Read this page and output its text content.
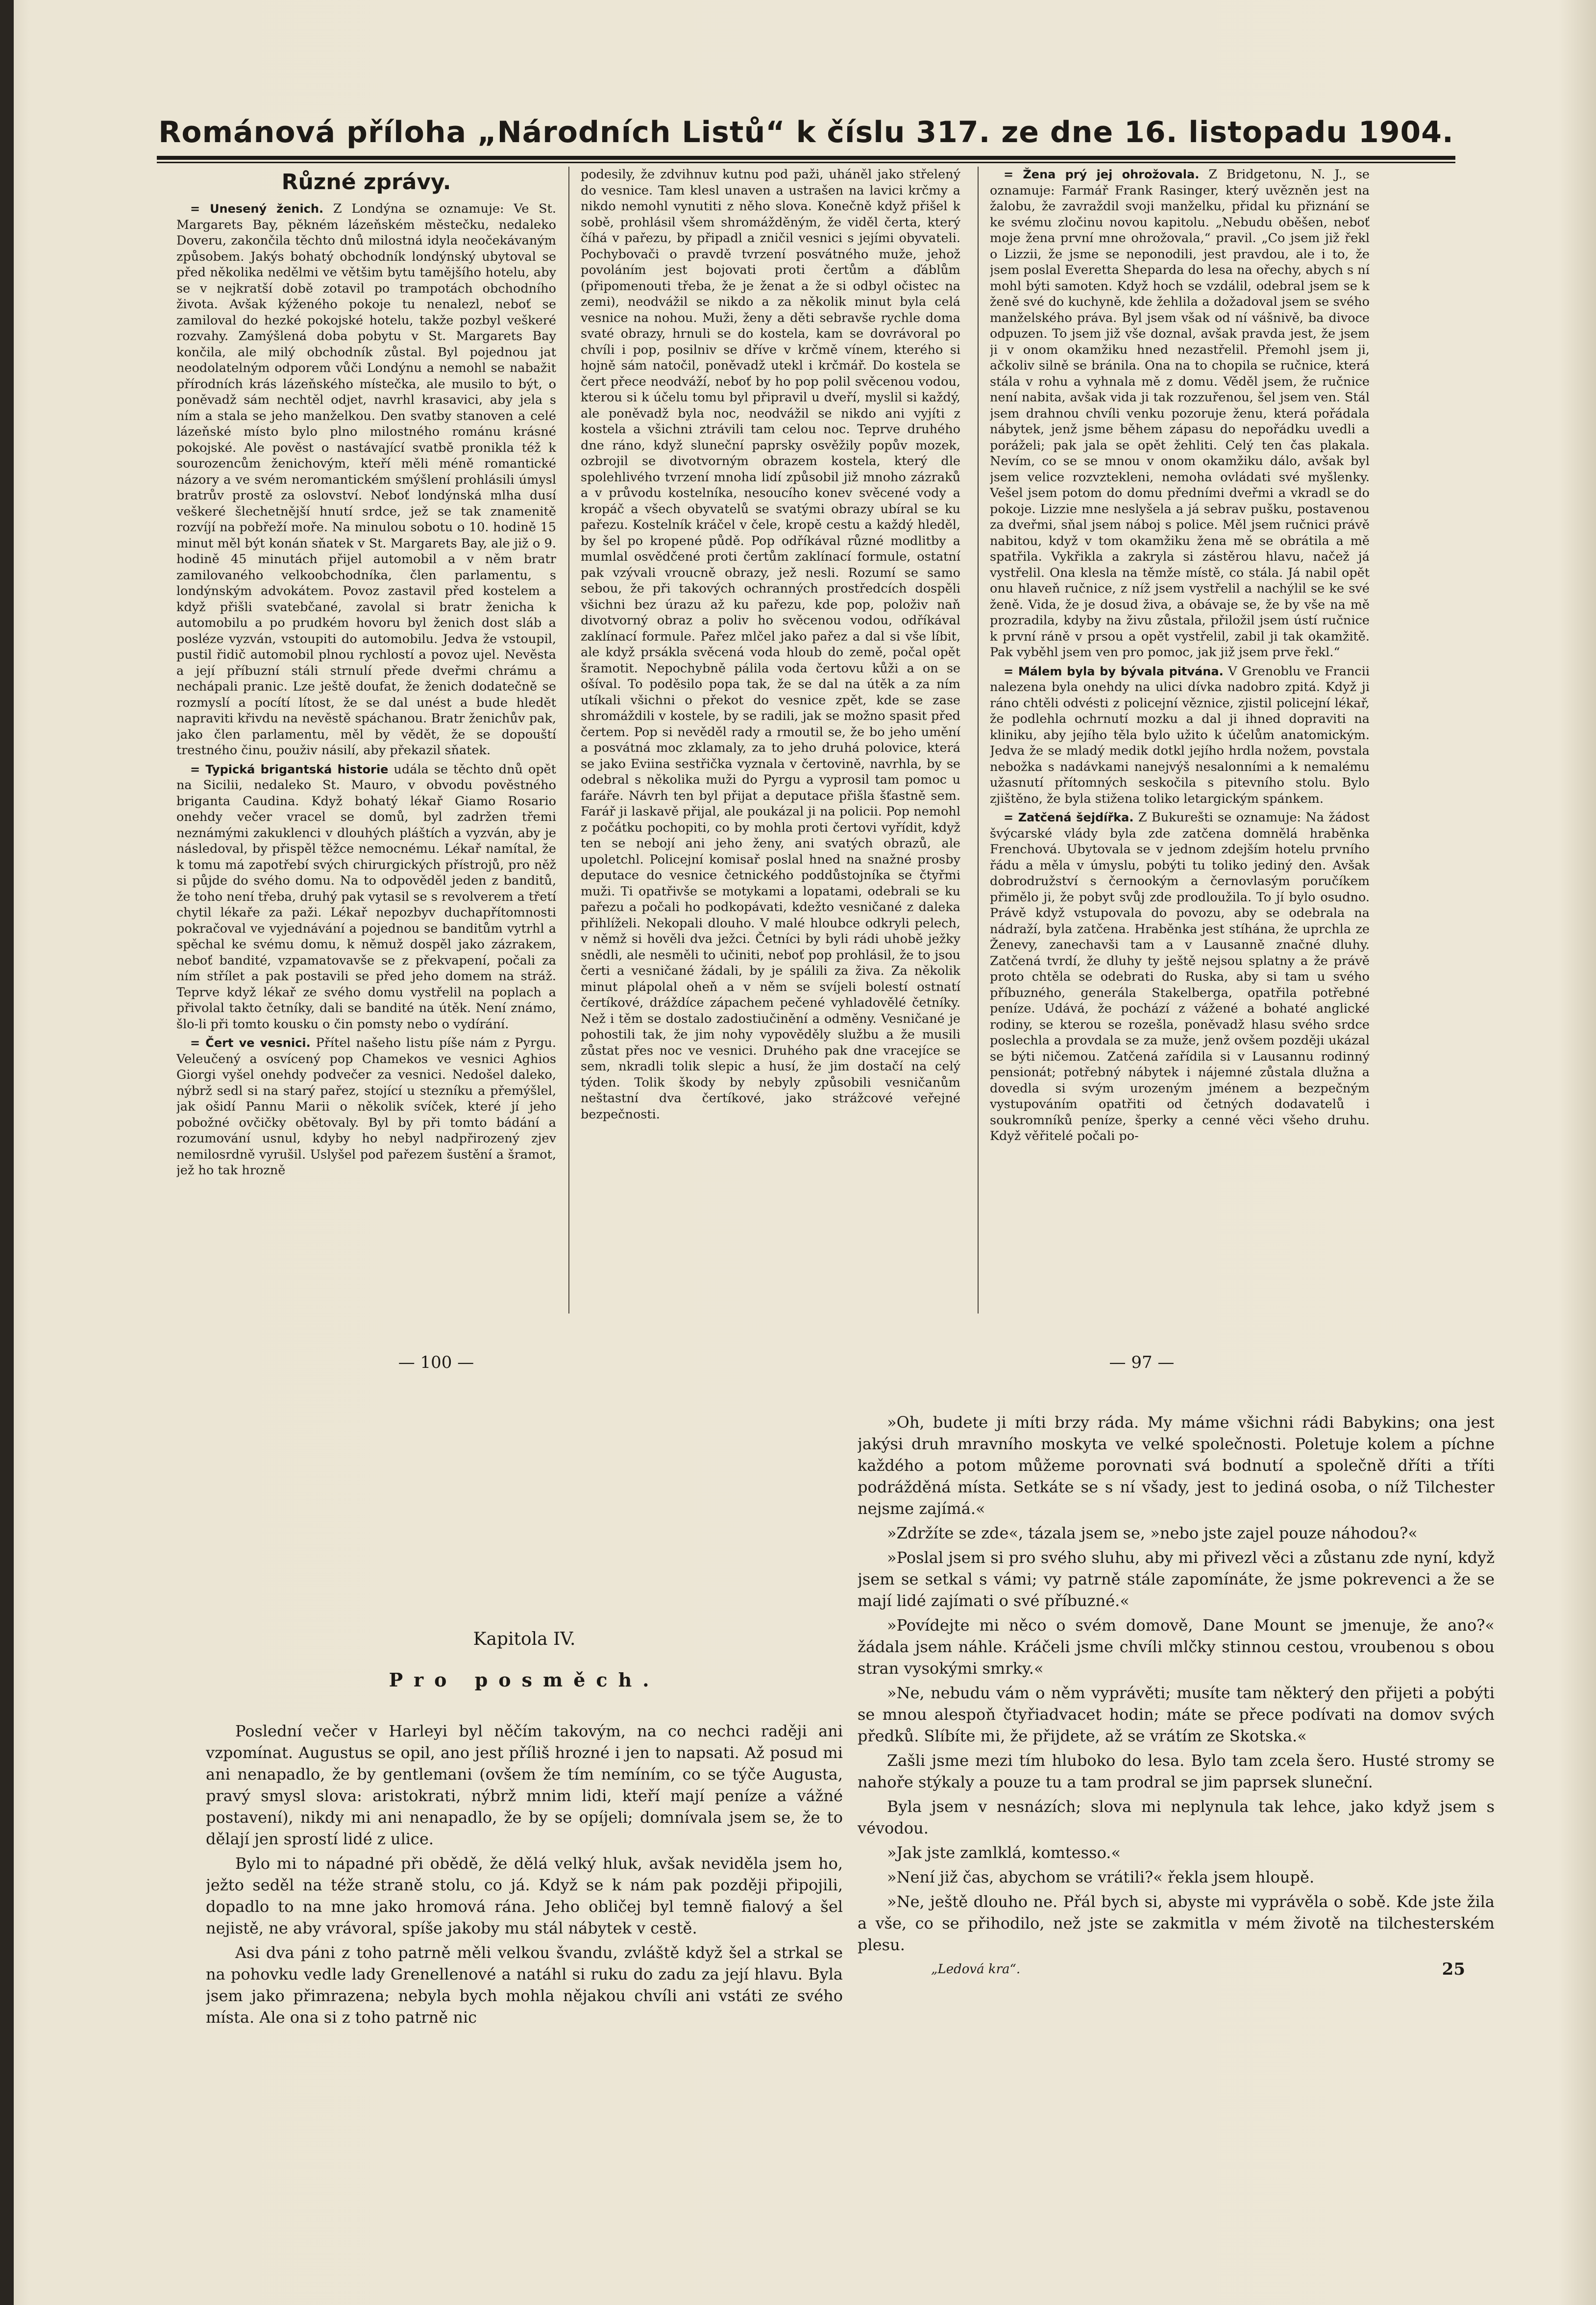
Románová příloha „Národních Listů“ k číslu 317. ze dne 16. listopadu 1904.
Různé zprávy.

= Unesený ženich. Z Londýna se oznamuje: Ve St. Margarets Bay, pěkném lázeňském městečku, nedaleko Doveru, zakončila těchto dnů milostná idyla neočekávaným způsobem. Jakýs bohatý obchodník londýnský ubytoval se před několika nedělmi ve většim bytu tamějšího hotelu, aby se v nejkratší době zotavil po trampotách obchodního života. Avšak kýženého pokoje tu nenalezl, neboť se zamiloval do hezké pokojské hotelu, takže pozbyl veškeré rozvahy. Zamýšlená doba pobytu v St. Margarets Bay končila, ale milý obchodník zůstal. Byl pojednou jat neodolatelným odporem vůči Londýnu a nemohl se nabažit přírodních krás lázeňského místečka, ale musilo to být, o poněvadž sám nechtěl odjet, navrhl krasavici, aby jela s ním a stala se jeho manželkou. Den svatby stanoven a celé lázeňské místo bylo plno milostného románu krásné pokojské. Ale pověst o nastávající svatbě pronikla též k sourozencům ženichovým, kteří měli méně romantické názory a ve svém neromantickém smýšlení prohlásili úmysl bratrův prostě za oslovství. Neboť londýnská mlha dusí veškeré šlechetnější hnutí srdce, jež se tak znamenitě rozvíjí na pobřeží moře. Na minulou sobotu o 10. hodině 15 minut měl být konán sňatek v St. Margarets Bay, ale již o 9. hodině 45 minutách přijel automobil a v něm bratr zamilovaného velkoobchodníka, člen parlamentu, s londýnským advokátem. Povoz zastavil před kostelem a když přišli svatebčané, zavolal si bratr ženicha k automobilu a po prudkém hovoru byl ženich dost sláb a posléze vyzván, vstoupiti do automobilu. Jedva že vstoupil, pustil řidič automobil plnou rychlostí a povoz ujel. Nevěsta a její příbuzní stáli strnulí přede dveřmi chrámu a nechápali pranic. Lze ještě doufat, že ženich dodatečně se rozmyslí a pocítí lítost, že se dal unést a bude hledět napraviti křivdu na nevěstě spáchanou. Bratr ženichův pak, jako člen parlamentu, měl by vědět, že se dopouští trestného činu, použiv násilí, aby překazil sňatek.

= Typická brigantská historie udála se těchto dnů opět na Sicilii, nedaleko St. Mauro, v obvodu pověstného briganta Caudina. Když bohatý lékař Giamo Rosario onehdy večer vracel se domů, byl zadržen třemi neznámými zakuklenci v dlouhých pláštích a vyzván, aby je následoval, by přispěl těžce nemocnému. Lékař namítal, že k tomu má zapotřebí svých chirurgických přístrojů, pro něž si půjde do svého domu. Na to odpověděl jeden z banditů, že toho není třeba, druhý pak vytasil se s revolverem a třetí chytil lékaře za paži. Lékař nepozbyv duchapřítomnosti pokračoval ve vyjednávání a pojednou se banditům vytrhl a spěchal ke svému domu, k němuž dospěl jako zázrakem, neboť bandité, vzpamatovavše se z překvapení, počali za ním střílet a pak postavili se před jeho domem na stráž. Teprve když lékař ze svého domu vystřelil na poplach a přivolal takto četníky, dali se bandité na útěk. Není známo, šlo-li při tomto kousku o čin pomsty nebo o vydírání.

= Čert ve vesnici. Přítel našeho listu píše nám z Pyrgu. Veleučený a osvícený pop Chamekos ve vesnici Aghios Giorgi vyšel onehdy podvečer za vesnici. Nedošel daleko, nýbrž sedl si na starý pařez, stojící u stezníku a přemýšlel, jak ošidí Pannu Marii o několik svíček, které jí jeho pobožné ovčičky obětovaly. Byl by při tomto bádání a rozumování usnul, kdyby ho nebyl nadpřirozený zjev nemilosrdně vyrušil. Uslyšel pod pařezem šustění a šramot, jež ho tak hrozně

podesily, že zdvihnuv kutnu pod paži, uháněl jako střelený do vesnice. Tam klesl unaven a ustrašen na lavici krčmy a nikdo nemohl vynutiti z něho slova. Konečně když přišel k sobě, prohlásil všem shromážděným, že viděl čerta, který číhá v pařezu, by připadl a zničil vesnici s jejími obyvateli. Pochybovači o pravdě tvrzení posvátného muže, jehož povoláním jest bojovati proti čertům a ďáblům (připomenouti třeba, že je ženat a že si odbyl očistec na zemi), neodvážil se nikdo a za několik minut byla celá vesnice na nohou. Muži, ženy a děti sebravše rychle doma svaté obrazy, hrnuli se do kostela, kam se dovrávoral po chvíli i pop, posilniv se dříve v krčmě vínem, kterého si hojně sám natočil, poněvadž utekl i krčmář. Do kostela se čert přece neodváží, neboť by ho pop polil svěcenou vodou, kterou si k účelu tomu byl připravil u dveří, myslil si každý, ale poněvadž byla noc, neodvážil se nikdo ani vyjíti z kostela a všichni ztrávili tam celou noc. Teprve druhého dne ráno, když sluneční paprsky osvěžily popův mozek, ozbrojil se divotvorným obrazem kostela, který dle spolehlivého tvrzení mnoha lidí způsobil již mnoho zázraků a v průvodu kostelníka, nesoucího konev svěcené vody a kropáč a všech obyvatelů se svatými obrazy ubíral se ku pařezu. Kostelník kráčel v čele, kropě cestu a každý hleděl, by šel po kropené půdě. Pop odříkával různé modlitby a mumlal osvědčené proti čertům zaklínací formule, ostatní pak vzývali vroucně obrazy, jež nesli. Rozumí se samo sebou, že při takových ochranných prostředcích dospěli všichni bez úrazu až ku pařezu, kde pop, položiv naň divotvorný obraz a poliv ho svěcenou vodou, odříkával zaklínací formule. Pařez mlčel jako pařez a dal si vše líbit, ale když prsákla svěcená voda hloub do země, počal opět šramotit. Nepochybně pálila voda čertovu kůži a on se ošíval. To poděsilo popa tak, že se dal na útěk a za ním utíkali všichni o překot do vesnice zpět, kde se zase shromáždili v kostele, by se radili, jak se možno spasit před čertem. Pop si nevěděl rady a rmoutil se, že bo jeho umění a posvátná moc zklamaly, za to jeho druhá polovice, která se jako Eviina sestřička vyznala v čertovině, navrhla, by se odebral s několika muži do Pyrgu a vyprosil tam pomoc u faráře. Návrh ten byl přijat a deputace přišla šťastně sem. Farář ji laskavě přijal, ale poukázal ji na policii. Pop nemohl z počátku pochopiti, co by mohla proti čertovi vyřídit, když ten se nebojí ani jeho ženy, ani svatých obrazů, ale upoletchl. Policejní komisař poslal hned na snažné prosby deputace do vesnice četnického poddůstojníka se čtyřmi muži. Ti opatřivše se motykami a lopatami, odebrali se ku pařezu a počali ho podkopávati, kdežto vesničané z daleka přihlíželi. Nekopali dlouho. V malé hloubce odkryli pelech, v němž si hověli dva ježci. Četníci by byli rádi uhobě ježky snědli, ale nesměli to učiniti, neboť pop prohlásil, že to jsou čerti a vesničané žádali, by je spálili za živa. Za několik minut plápolal oheň a v něm se svíjeli bolestí ostnatí čertíkové, dráždíce zápachem pečené vyhladovělé četníky. Než i těm se dostalo zadostiučinění a odměny. Vesničané je pohostili tak, že jim nohy vypověděly službu a že musili zůstat přes noc ve vesnici. Druhého pak dne vracejíce se sem, nkradli tolik slepic a husí, že jim dostačí na celý týden. Tolik škody by nebyly způsobili vesničanům neštastní dva čertíkové, jako strážcové veřejné bezpečnosti.

= Žena prý jej ohrožovala. Z Bridgetonu, N. J., se oznamuje: Farmář Frank Rasinger, který uvězněn jest na žalobu, že zavraždil svoji manželku, přidal ku přiznání se ke svému zločinu novou kapitolu. „Nebudu oběšen, neboť moje žena první mne ohrožovala,“ pravil. „Co jsem již řekl o Lizzii, že jsme se neponodili, jest pravdou, ale i to, že jsem poslal Everetta Sheparda do lesa na ořechy, abych s ní mohl býti samoten. Když hoch se vzdálil, odebral jsem se k ženě své do kuchyně, kde žehlila a dožadoval jsem se svého manželského práva. Byl jsem však od ní vášnivě, ba divoce odpuzen. To jsem již vše doznal, avšak pravda jest, že jsem ji v onom okamžiku hned nezastřelil. Přemohl jsem ji, ačkoliv silně se bránila. Ona na to chopila se ručnice, která stála v rohu a vyhnala mě z domu. Věděl jsem, že ručnice není nabita, avšak vida ji tak rozzuřenou, šel jsem ven. Stál jsem drahnou chvíli venku pozoruje ženu, která pořádala nábytek, jenž jsme během zápasu do nepořádku uvedli a poráželi; pak jala se opět žehliti. Celý ten čas plakala. Nevím, co se se mnou v onom okamžiku dálo, avšak byl jsem velice rozvztekleni, nemoha ovládati své myšlenky. Vešel jsem potom do domu předními dveřmi a vkradl se do pokoje. Lizzie mne neslyšela a já sebrav pušku, postavenou za dveřmi, sňal jsem náboj s police. Měl jsem ručnici právě nabitou, když v tom okamžiku žena mě se obrátila a mě spatřila. Vykřikla a zakryla si zástěrou hlavu, načež já vystřelil. Ona klesla na těmže místě, co stála. Já nabil opět onu hlaveň ručnice, z níž jsem vystřelil a nachýlil se ke své ženě. Vida, že je dosud živa, a obávaje se, že by vše na mě prozradila, kdyby na živu zůstala, přiložil jsem ústí ručnice k první ráně v prsou a opět vystřelil, zabil ji tak okamžitě. Pak vyběhl jsem ven pro pomoc, jak již jsem prve řekl.“

= Málem byla by bývala pitvána. V Grenoblu ve Francii nalezena byla onehdy na ulici dívka nadobro zpitá. Když ji ráno chtěli odvésti z policejní věznice, zjistil policejní lékař, že podlehla ochrnutí mozku a dal ji ihned dopraviti na kliniku, aby jejího těla bylo užito k účelům anatomickým. Jedva že se mladý medik dotkl jejího hrdla nožem, povstala nebožka s nadávkami nanejvýš nesalonními a k nemalému užasnutí přítomných seskočila s pitevního stolu. Bylo zjištěno, že byla stižena toliko letargickým spánkem.

= Zatčená šejdířka. Z Bukurešti se oznamuje: Na žádost švýcarské vlády byla zde zatčena domnělá hraběnka Frenchová. Ubytovala se v jednom zdejším hotelu prvního řádu a měla v úmyslu, pobýti tu toliko jediný den. Avšak dobrodružství s černookým a černovlasým poručíkem přimělo ji, že pobyt svůj zde prodloužila. To jí bylo osudno. Právě když vstupovala do povozu, aby se odebrala na nádraží, byla zatčena. Hraběnka jest stíhána, že uprchla ze Ženevy, zanechavši tam a v Lausanně značné dluhy. Zatčená tvrdí, že dluhy ty ještě nejsou splatny a že právě proto chtěla se odebrati do Ruska, aby si tam u svého příbuzného, generála Stakelberga, opatřila potřebné peníze. Udává, že pochází z vážené a bohaté anglické rodiny, se kterou se rozešla, poněvadž hlasu svého srdce poslechla a provdala se za muže, jenž ovšem později ukázal se býti ničemou. Zatčená zařídila si v Lausannu rodinný pensionát; potřebný nábytek i nájemné zůstala dlužna a dovedla si svým urozeným jménem a bezpečným vystupováním opatřiti od četných dodavatelů i soukromníků peníze, šperky a cenné věci všeho druhu. Když věřitelé počali po-

— 100 —	— 97 —
Kapitola IV.
Pro posměch.

Poslední večer v Harleyi byl něčím takovým, na co nechci raději ani vzpomínat. Augustus se opil, ano jest příliš hrozné i jen to napsati. Až posud mi ani nenapadlo, že by gentlemani (ovšem že tím nemíním, co se týče Augusta, pravý smysl slova: aristokrati, nýbrž mnim lidi, kteří mají peníze a vážné postavení), nikdy mi ani nenapadlo, že by se opíjeli; domnívala jsem se, že to dělají jen sprostí lidé z ulice.

Bylo mi to nápadné při obědě, že dělá velký hluk, avšak neviděla jsem ho, ježto seděl na téže straně stolu, co já. Když se k nám pak později připojili, dopadlo to na mne jako hromová rána. Jeho obličej byl temně fialový a šel nejistě, ne aby vrávoral, spíše jakoby mu stál nábytek v cestě.

Asi dva páni z toho patrně měli velkou švandu, zvláště když šel a strkal se na pohovku vedle lady Grenellenové a natáhl si ruku do zadu za její hlavu. Byla jsem jako přimrazena; nebyla bych mohla nějakou chvíli ani vstáti ze svého místa. Ale ona si z toho patrně nic

»Oh, budete ji míti brzy ráda. My máme všichni rádi Babykins; ona jest jakýsi druh mravního moskyta ve velké společnosti. Poletuje kolem a píchne každého a potom můžeme porovnati svá bodnutí a společně dříti a tříti podrážděná místa. Setkáte se s ní všady, jest to jediná osoba, o níž Tilchester nejsme zajímá.«

»Zdržíte se zde«, tázala jsem se, »nebo jste zajel pouze náhodou?«

»Poslal jsem si pro svého sluhu, aby mi přivezl věci a zůstanu zde nyní, když jsem se setkal s vámi; vy patrně stále zapomínáte, že jsme pokrevenci a že se mají lidé zajímati o své příbuzné.«

»Povídejte mi něco o svém domově, Dane Mount se jmenuje, že ano?« žádala jsem náhle. Kráčeli jsme chvíli mlčky stinnou cestou, vroubenou s obou stran vysokými smrky.«

»Ne, nebudu vám o něm vyprávěti; musíte tam některý den přijeti a pobýti se mnou alespoň čtyřiadvacet hodin; máte se přece podívati na domov svých předků. Slíbíte mi, že přijdete, až se vrátím ze Skotska.«

Zašli jsme mezi tím hluboko do lesa. Bylo tam zcela šero. Husté stromy se nahoře stýkaly a pouze tu a tam prodral se jim paprsek sluneční.

Byla jsem v nesnázích; slova mi neplynula tak lehce, jako když jsem s vévodou.

»Jak jste zamlklá, komtesso.«

»Není již čas, abychom se vrátili?« řekla jsem hloupě.

»Ne, ještě dlouho ne. Přál bych si, abyste mi vyprávěla o sobě. Kde jste žila a vše, co se přihodilo, než jste se zakmitla v mém životě na tilchesterském plesu.

„Ledová kra“.	25
